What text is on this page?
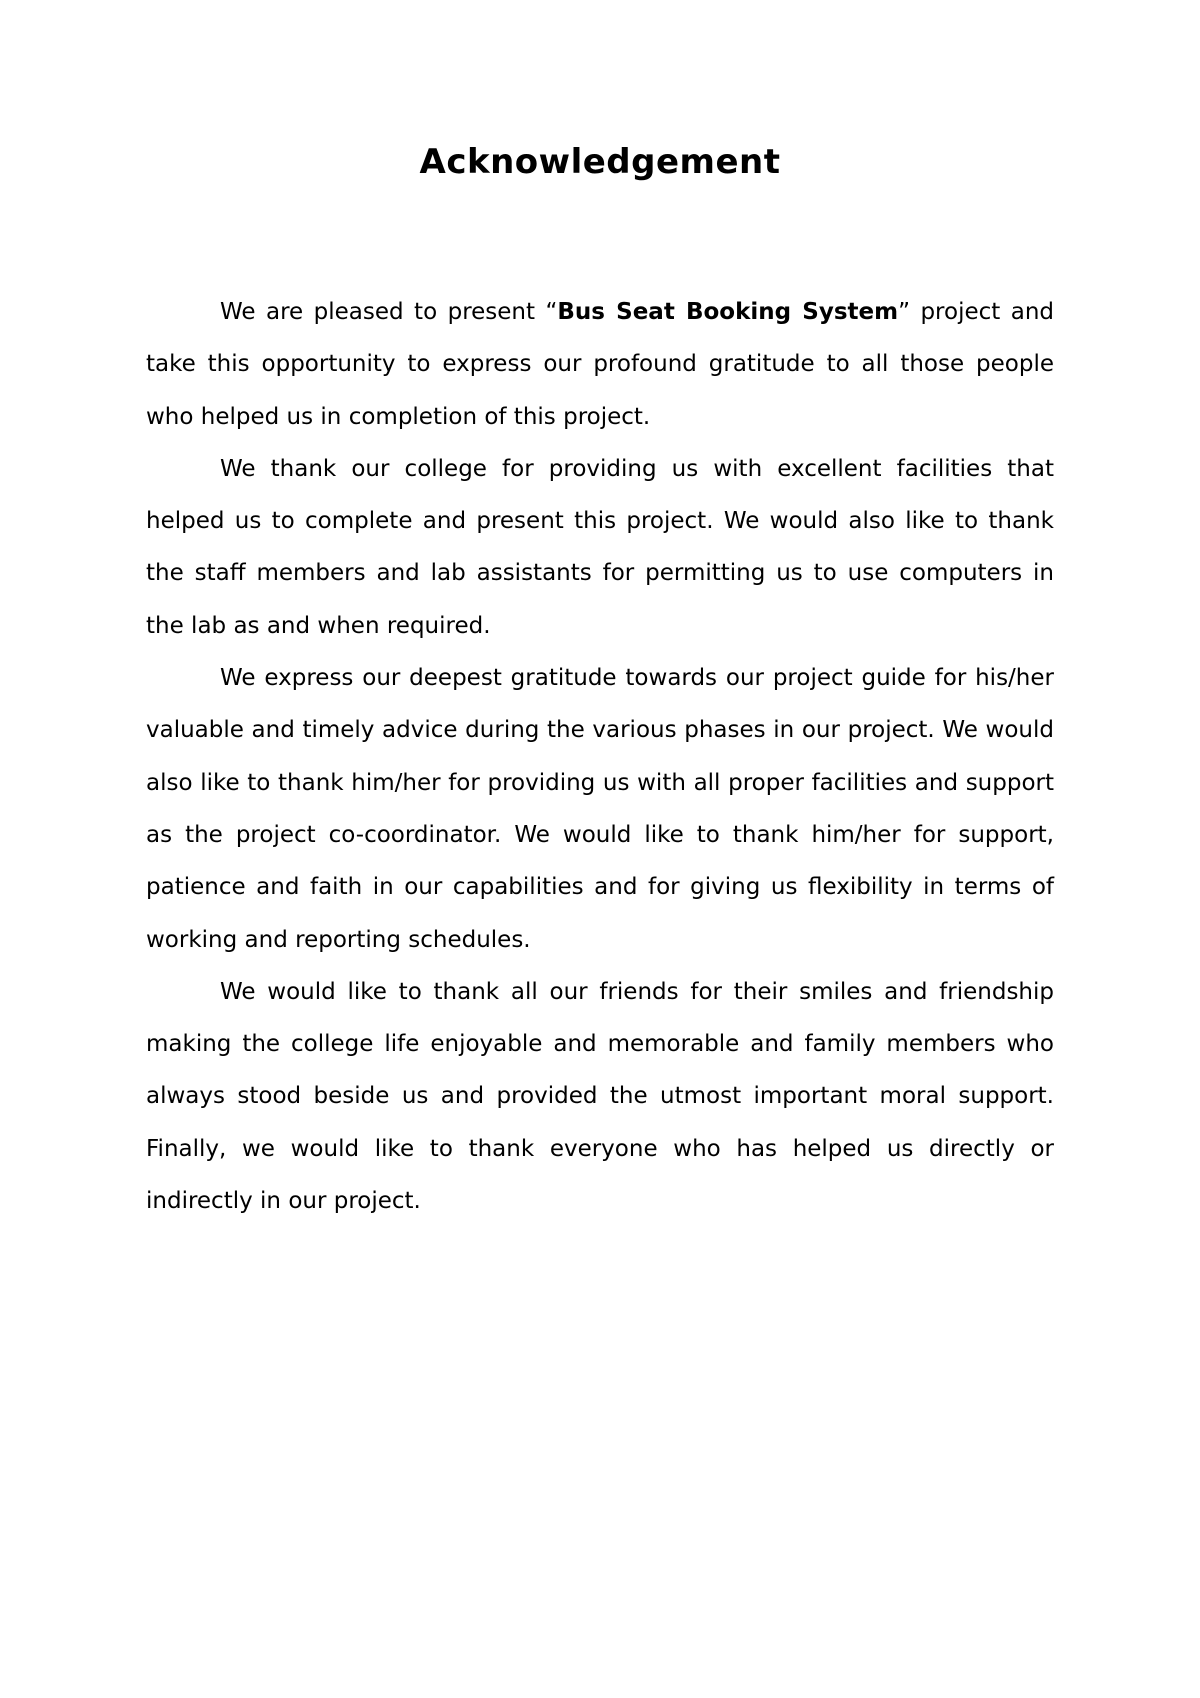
Acknowledgement

We are pleased to present “Bus Seat Booking System” project and take this opportunity to express our profound gratitude to all those people who helped us in completion of this project.

We thank our college for providing us with excellent facilities that helped us to complete and present this project. We would also like to thank the staff members and lab assistants for permitting us to use computers in the lab as and when required.

We express our deepest gratitude towards our project guide for his/her valuable and timely advice during the various phases in our project. We would also like to thank him/her for providing us with all proper facilities and support as the project co-coordinator. We would like to thank him/her for support, patience and faith in our capabilities and for giving us flexibility in terms of working and reporting schedules.

We would like to thank all our friends for their smiles and friendship making the college life enjoyable and memorable and family members who always stood beside us and provided the utmost important moral support. Finally, we would like to thank everyone who has helped us directly or indirectly in our project.
